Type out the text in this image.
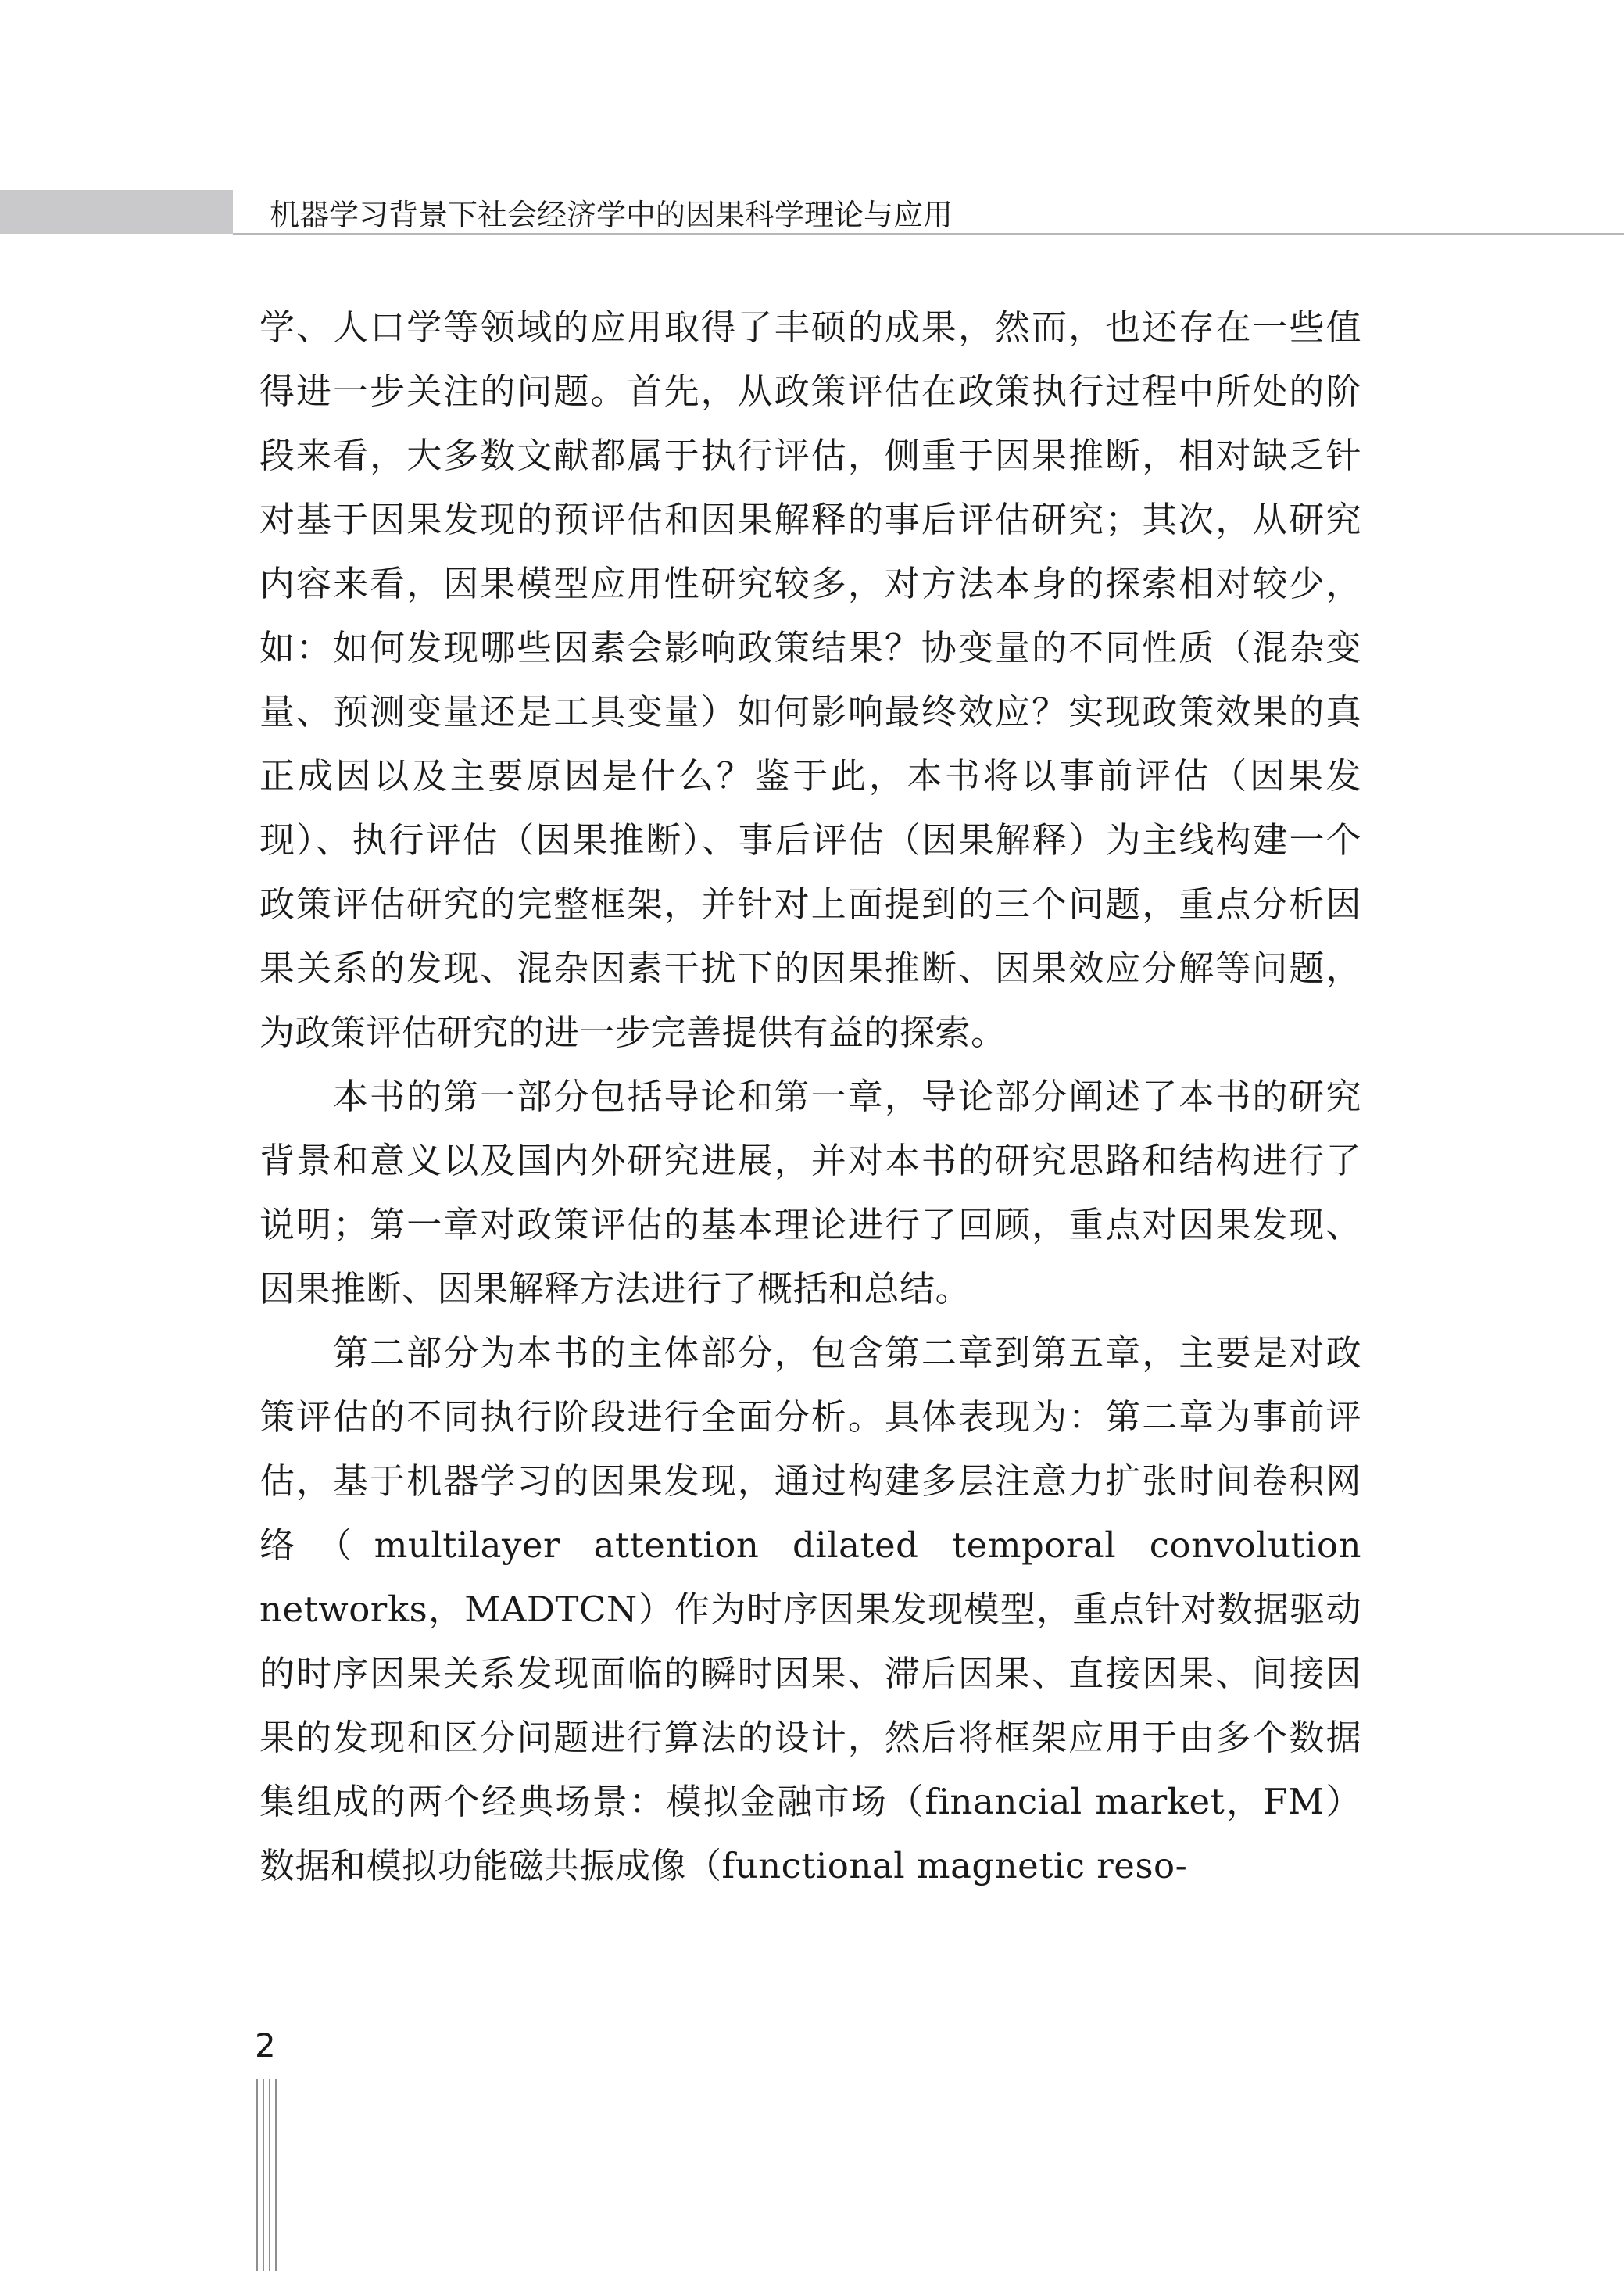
机器学习背景下社会经济学中的因果科学理论与应用

学、人口学等领域的应用取得了丰硕的成果，然而，也还存在一些值得进一步关注的问题。首先，从政策评估在政策执行过程中所处的阶段来看，大多数文献都属于执行评估，侧重于因果推断，相对缺乏针对基于因果发现的预评估和因果解释的事后评估研究；其次，从研究内容来看，因果模型应用性研究较多，对方法本身的探索相对较少，如：如何发现哪些因素会影响政策结果？协变量的不同性质（混杂变量、预测变量还是工具变量）如何影响最终效应？实现政策效果的真正成因以及主要原因是什么？鉴于此，本书将以事前评估（因果发现）、执行评估（因果推断）、事后评估（因果解释）为主线构建一个政策评估研究的完整框架，并针对上面提到的三个问题，重点分析因果关系的发现、混杂因素干扰下的因果推断、因果效应分解等问题，为政策评估研究的进一步完善提供有益的探索。

本书的第一部分包括导论和第一章，导论部分阐述了本书的研究背景和意义以及国内外研究进展，并对本书的研究思路和结构进行了说明；第一章对政策评估的基本理论进行了回顾，重点对因果发现、因果推断、因果解释方法进行了概括和总结。

第二部分为本书的主体部分，包含第二章到第五章，主要是对政策评估的不同执行阶段进行全面分析。具体表现为：第二章为事前评估，基于机器学习的因果发现，通过构建多层注意力扩张时间卷积网络（multilayer attention dilated temporal convolution networks，MADTCN）作为时序因果发现模型，重点针对数据驱动的时序因果关系发现面临的瞬时因果、滞后因果、直接因果、间接因果的发现和区分问题进行算法的设计，然后将框架应用于由多个数据集组成的两个经典场景：模拟金融市场（financial market，FM）数据和模拟功能磁共振成像（functional magnetic reso-

2
